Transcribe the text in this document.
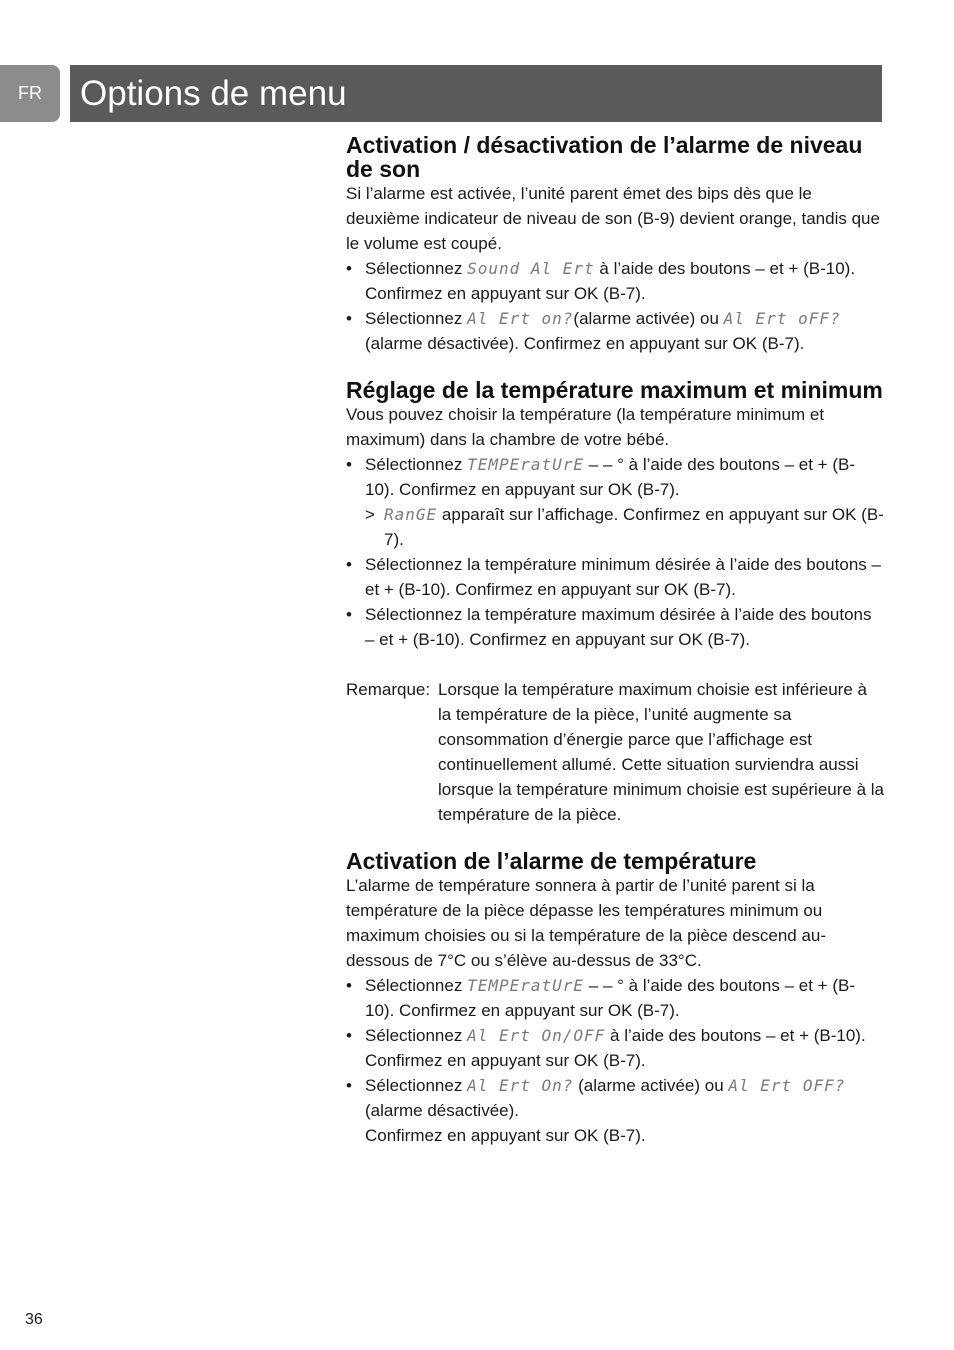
FR	Options de menu
Activation / désactivation de l’alarme de niveau de son

Si l’alarme est activée, l’unité parent émet des bips dès que le deuxième indicateur de niveau de son (B-9) devient orange, tandis que le volume est coupé.

• Sélectionnez Sound Al Ert à l’aide des boutons – et + (B-10). Confirmez en appuyant sur OK (B-7).
• Sélectionnez Al Ert on?(alarme activée) ou Al Ert oFF? (alarme désactivée). Confirmez en appuyant sur OK (B-7).
Réglage de la température maximum et minimum

Vous pouvez choisir la température (la température minimum et maximum) dans la chambre de votre bébé.

• Sélectionnez TEMPEratUrE – – ° à l’aide des boutons – et + (B-10). Confirmez en appuyant sur OK (B-7).
> RanGE apparaît sur l’affichage. Confirmez en appuyant sur OK (B-7).
• Sélectionnez la température minimum désirée à l’aide des boutons – et + (B-10). Confirmez en appuyant sur OK (B-7).
• Sélectionnez la température maximum désirée à l’aide des boutons – et + (B-10). Confirmez en appuyant sur OK (B-7).
Remarque: Lorsque la température maximum choisie est inférieure à la température de la pièce, l’unité augmente sa consommation d’énergie parce que l’affichage est continuellement allumé. Cette situation surviendra aussi lorsque la température minimum choisie est supérieure à la température de la pièce.
Activation de l’alarme de température

L’alarme de température sonnera à partir de l’unité parent si la température de la pièce dépasse les températures minimum ou maximum choisies ou si la température de la pièce descend au-dessous de 7°C ou s’élève au-dessus de 33°C.

• Sélectionnez TEMPEratUrE – – ° à l’aide des boutons – et + (B-10). Confirmez en appuyant sur OK (B-7).
• Sélectionnez Al Ert On/OFF à l’aide des boutons – et + (B-10). Confirmez en appuyant sur OK (B-7).
• Sélectionnez Al Ert On? (alarme activée) ou Al Ert OFF? (alarme désactivée).
Confirmez en appuyant sur OK (B-7).
36
